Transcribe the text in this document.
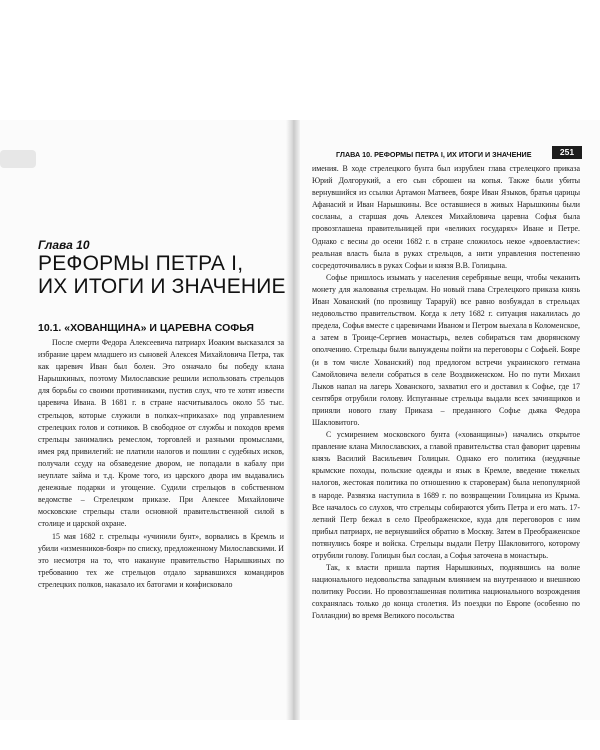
Глава 10
РЕФОРМЫ ПЕТРА I,
ИХ ИТОГИ И ЗНАЧЕНИЕ
10.1. «ХОВАНЩИНА» И ЦАРЕВНА СОФЬЯ

После смерти Федора Алексеевича патриарх Иоаким высказался за избрание царем младшего из сыновей Алексея Михайловича Петра, так как царевич Иван был болен. Это означало бы победу клана Нарышкиных, поэтому Милославские решили использовать стрельцов для борьбы со своими противниками, пустив слух, что те хотят извести царевича Ивана. В 1681 г. в стране насчитывалось около 55 тыс. стрельцов, которые служили в полках-«приказах» под управлением стрелецких голов и сотников. В свободное от службы и походов время стрельцы занимались ремеслом, торговлей и разными промыслами, имея ряд привилегий: не платили налогов и пошлин с судебных исков, получали ссуду на обзаведение двором, не попадали в кабалу при неуплате займа и т.д. Кроме того, из царского двора им выдавались денежные подарки и угощение. Судили стрельцов в собственном ведомстве – Стрелецком приказе. При Алексее Михайловиче московские стрельцы стали основной правительственной силой в столице и царской охране.

15 мая 1682 г. стрельцы «учинили бунт», ворвались в Кремль и убили «изменников-бояр» по списку, предложенному Милославскими. И это несмотря на то, что накануне правительство Нарышкиных по требованию тех же стрельцов отдало зарвавшихся командиров стрелецких полков, наказало их батогами и конфисковало

ГЛАВА 10. РЕФОРМЫ ПЕТРА I, ИХ ИТОГИ И ЗНАЧЕНИЕ	251

имения. В ходе стрелецкого бунта был изрублен глава стрелецкого приказа Юрий Долгорукий, а его сын сброшен на копья. Также были убиты вернувшийся из ссылки Артамон Матвеев, бояре Иван Языков, братья царицы Афанасий и Иван Нарышкины. Все оставшиеся в живых Нарышкины были сосланы, а старшая дочь Алексея Михайловича царевна Софья была провозглашена правительницей при «великих государях» Иване и Петре. Однако с весны до осени 1682 г. в стране сложилось некое «двоевластие»: реальная власть была в руках стрельцов, а нити управления постепенно сосредоточивались в руках Софьи и князя В.В. Голицына.

Софье пришлось изымать у населения серебряные вещи, чтобы чеканить монету для жалованья стрельцам. Но новый глава Стрелецкого приказа князь Иван Хованский (по прозвищу Тараруй) все равно возбуждал в стрельцах недовольство правительством. Когда к лету 1682 г. ситуация накалилась до предела, Софья вместе с царевичами Иваном и Петром выехала в Коломенское, а затем в Троице-Сергиев монастырь, велев собираться там дворянскому ополчению. Стрельцы были вынуждены пойти на переговоры с Софьей. Бояре (и в том числе Хованский) под предлогом встречи украинского гетмана Самойловича велели собраться в селе Воздвиженском. Но по пути Михаил Лыков напал на лагерь Хованского, захватил его и доставил к Софье, где 17 сентября отрубили голову. Испуганные стрельцы выдали всех зачинщиков и приняли нового главу Приказа – преданного Софье дьяка Федора Шакловитого.

С усмирением московского бунта («хованщины») начались открытое правление клана Милославских, а главой правительства стал фаворит царевны князь Василий Васильевич Голицын. Однако его политика (неудачные крымские походы, польские одежды и язык в Кремле, введение тяжелых налогов, жестокая политика по отношению к староверам) была непопулярной в народе. Развязка наступила в 1689 г. по возвращении Голицына из Крыма. Все началось со слухов, что стрельцы собираются убить Петра и его мать. 17-летний Петр бежал в село Преображенское, куда для переговоров с ним прибыл патриарх, не вернувшийся обратно в Москву. Затем в Преображенское потянулись бояре и войска. Стрельцы выдали Петру Шакловитого, которому отрубили голову. Голицын был сослан, а Софья заточена в монастырь.

Так, к власти пришла партия Нарышкиных, поднявшись на волне национального недовольства западным влиянием на внутреннюю и внешнюю политику России. Но провозглашенная политика национального возрождения сохранялась только до конца столетия. Из поездки по Европе (особенно по Голландии) во время Великого посольства
